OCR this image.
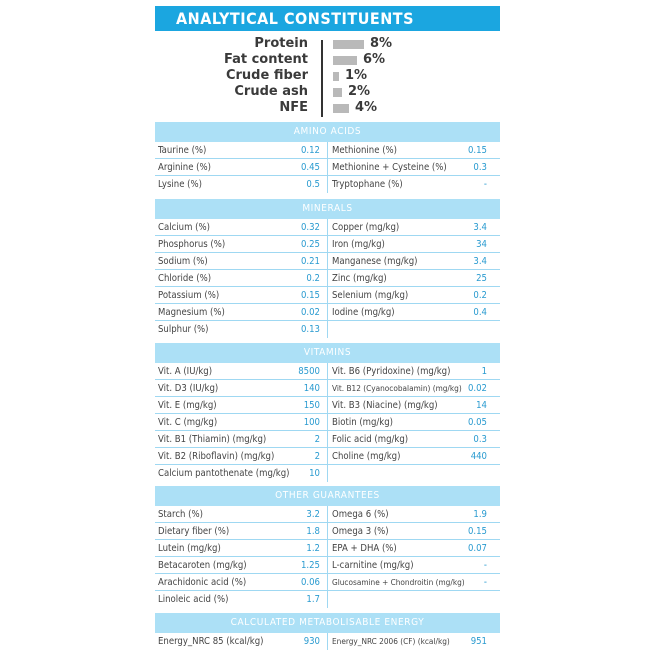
ANALYTICAL CONSTITUENTS
Protein	8%
Fat content	6%
Crude fiber	1%
Crude ash	2%
NFE	4%
AMINO ACIDS
Taurine (%)	0.12 Methionine (%)	0.15
Arginine (%)	0.45 Methionine + Cysteine (%)	0.3
Lysine (%)	0.5 Tryptophane (%)	-
MINERALS
Calcium (%)	0.32 Copper (mg/kg)	3.4
Phosphorus (%)	0.25 Iron (mg/kg)	34
Sodium (%)	0.21 Manganese (mg/kg)	3.4
Chloride (%)	0.2 Zinc (mg/kg)	25
Potassium (%)	0.15 Selenium (mg/kg)	0.2
Magnesium (%)	0.02 Iodine (mg/kg)	0.4
Sulphur (%)	0.13
VITAMINS
Vit. A (IU/kg)	8500 Vit. B6 (Pyridoxine) (mg/kg)	1
Vit. D3 (IU/kg)	140 Vit. B12 (Cyanocobalamin) (mg/kg) 0.02
Vit. E (mg/kg)	150 Vit. B3 (Niacine) (mg/kg)	14
Vit. C (mg/kg)	100 Biotin (mg/kg)	0.05
Vit. B1 (Thiamin) (mg/kg)	2 Folic acid (mg/kg)	0.3
Vit. B2 (Riboflavin) (mg/kg)	2 Choline (mg/kg)	440
Calcium pantothenate (mg/kg) 10
OTHER GUARANTEES
Starch (%)	3.2 Omega 6 (%)	1.9
Dietary fiber (%)	1.8 Omega 3 (%)	0.15
Lutein (mg/kg)	1.2 EPA + DHA (%)	0.07
Betacaroten (mg/kg)	1.25 L-carnitine (mg/kg)	-
Arachidonic acid (%)	0.06 Glucosamine + Chondroitin (mg/kg) -
Linoleic acid (%)	1.7
CALCULATED METABOLISABLE ENERGY
Energy_NRC 85 (kcal/kg)	930 Energy_NRC 2006 (CF) (kcal/kg) 951
